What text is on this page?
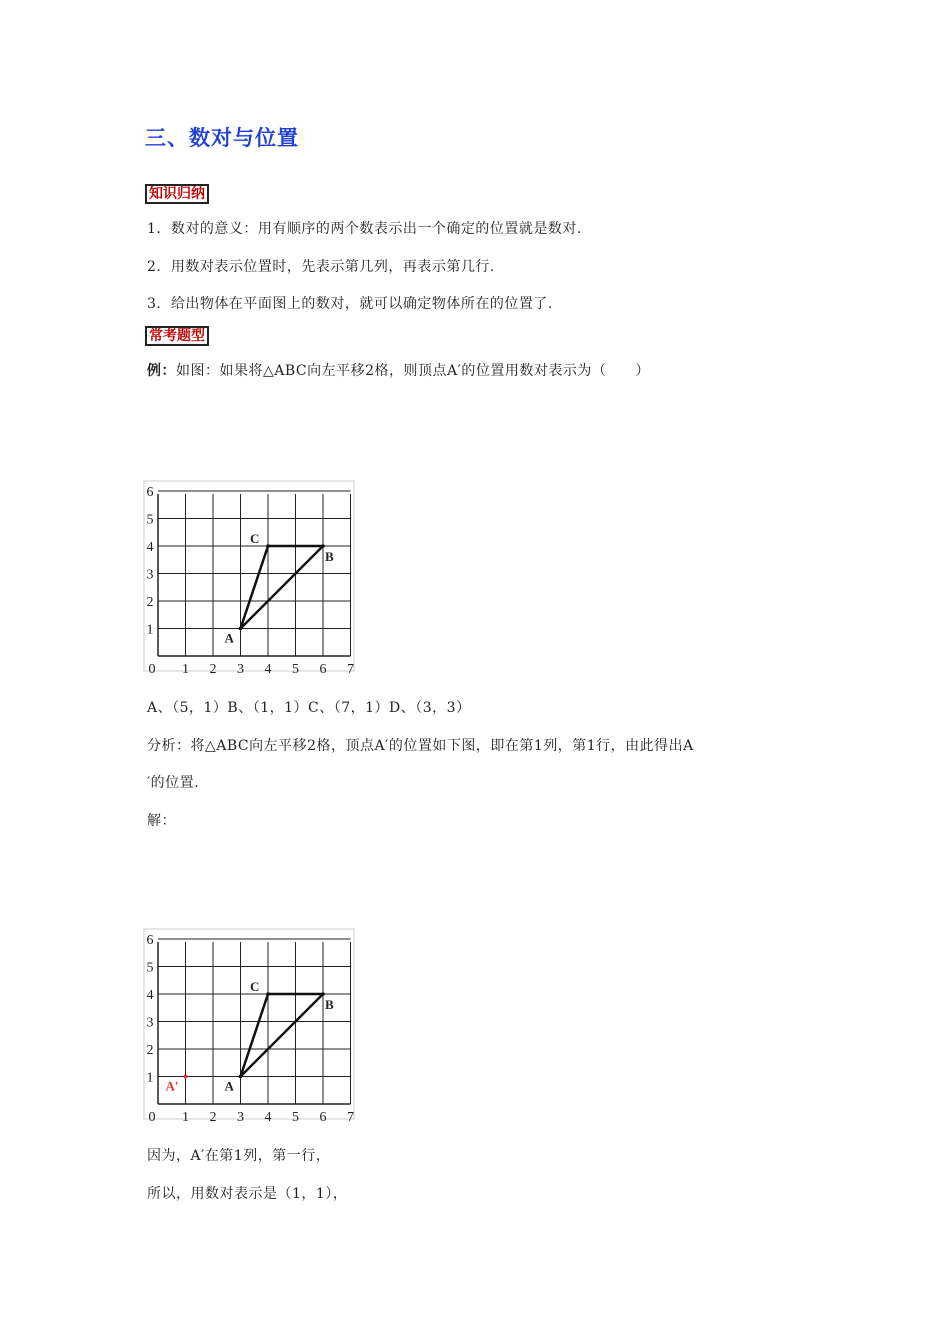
三、数对与位置
知识归纳
1．数对的意义：用有顺序的两个数表示出一个确定的位置就是数对.
2．用数对表示位置时，先表示第几列，再表示第几行.
3．给出物体在平面图上的数对，就可以确定物体所在的位置了.
常考题型
例：如图：如果将△ABC向左平移2格，则顶点A′的位置用数对表示为（　　）
0 1 2 3 4 5 6 7
1
2
3
4
5
6
A
B
C
A、（5，1）B、（1，1）C、（7，1）D、（3，3）
分析：将△ABC向左平移2格，顶点A′的位置如下图，即在第1列，第1行，由此得出A
′的位置.
解：
0 1 2 3 4 5 6 7
1
2
3
4
5
6
A
B
C
A′
因为，A′在第1列，第一行，
所以，用数对表示是（1，1），
